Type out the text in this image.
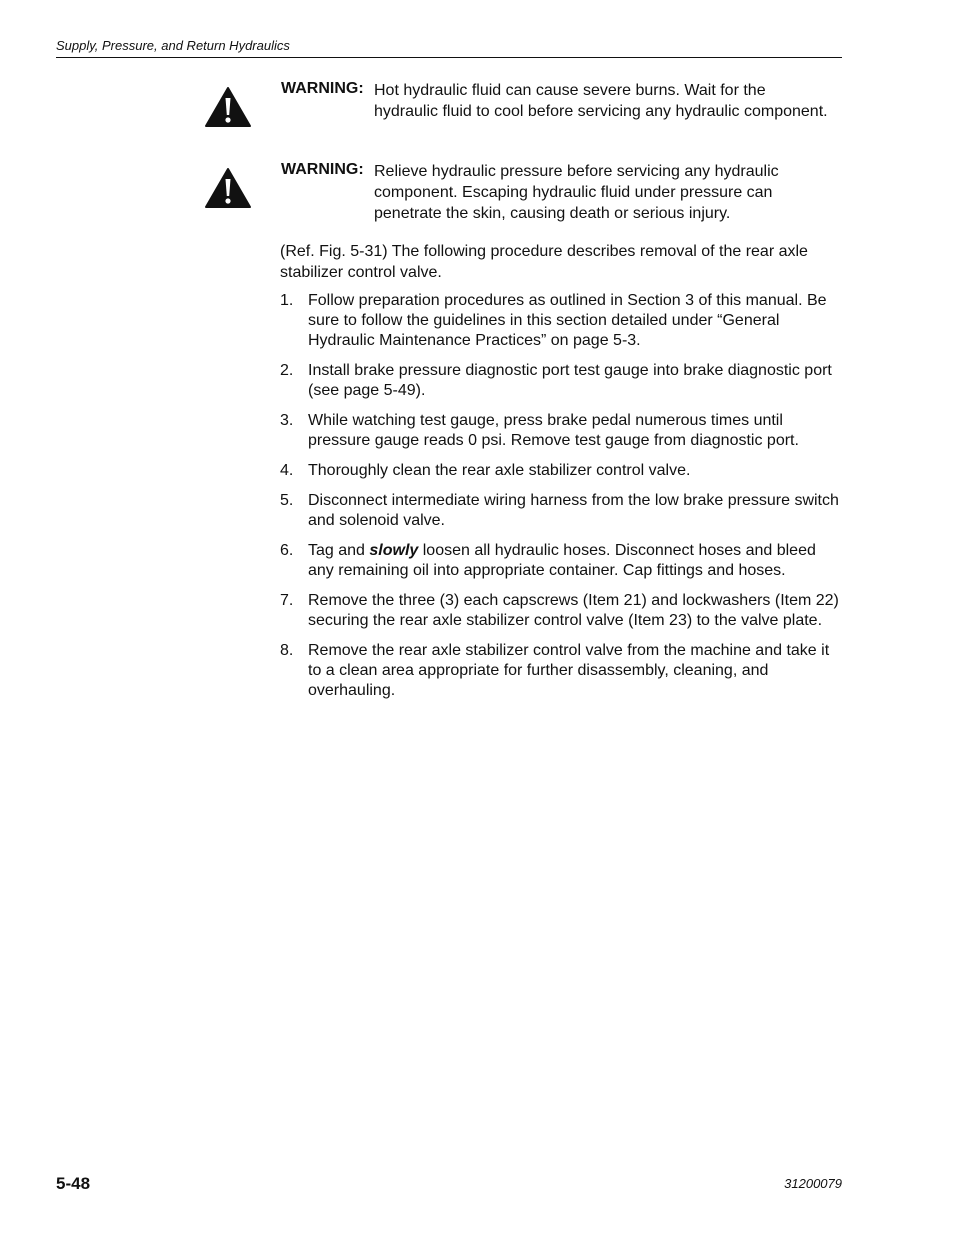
Supply, Pressure, and Return Hydraulics
WARNING: Hot hydraulic fluid can cause severe burns. Wait for the hydraulic fluid to cool before servicing any hydraulic component.
WARNING: Relieve hydraulic pressure before servicing any hydraulic component. Escaping hydraulic fluid under pressure can penetrate the skin, causing death or serious injury.
(Ref. Fig. 5-31) The following procedure describes removal of the rear axle stabilizer control valve.
1. Follow preparation procedures as outlined in Section 3 of this manual. Be sure to follow the guidelines in this section detailed under “General Hydraulic Maintenance Practices” on page 5-3.
2. Install brake pressure diagnostic port test gauge into brake diagnostic port (see page 5-49).
3. While watching test gauge, press brake pedal numerous times until pressure gauge reads 0 psi. Remove test gauge from diagnostic port.
4. Thoroughly clean the rear axle stabilizer control valve.
5. Disconnect intermediate wiring harness from the low brake pressure switch and solenoid valve.
6. Tag and slowly loosen all hydraulic hoses. Disconnect hoses and bleed any remaining oil into appropriate container. Cap fittings and hoses.
7. Remove the three (3) each capscrews (Item 21) and lockwashers (Item 22) securing the rear axle stabilizer control valve (Item 23) to the valve plate.
8. Remove the rear axle stabilizer control valve from the machine and take it to a clean area appropriate for further disassembly, cleaning, and overhauling.
5-48	31200079
